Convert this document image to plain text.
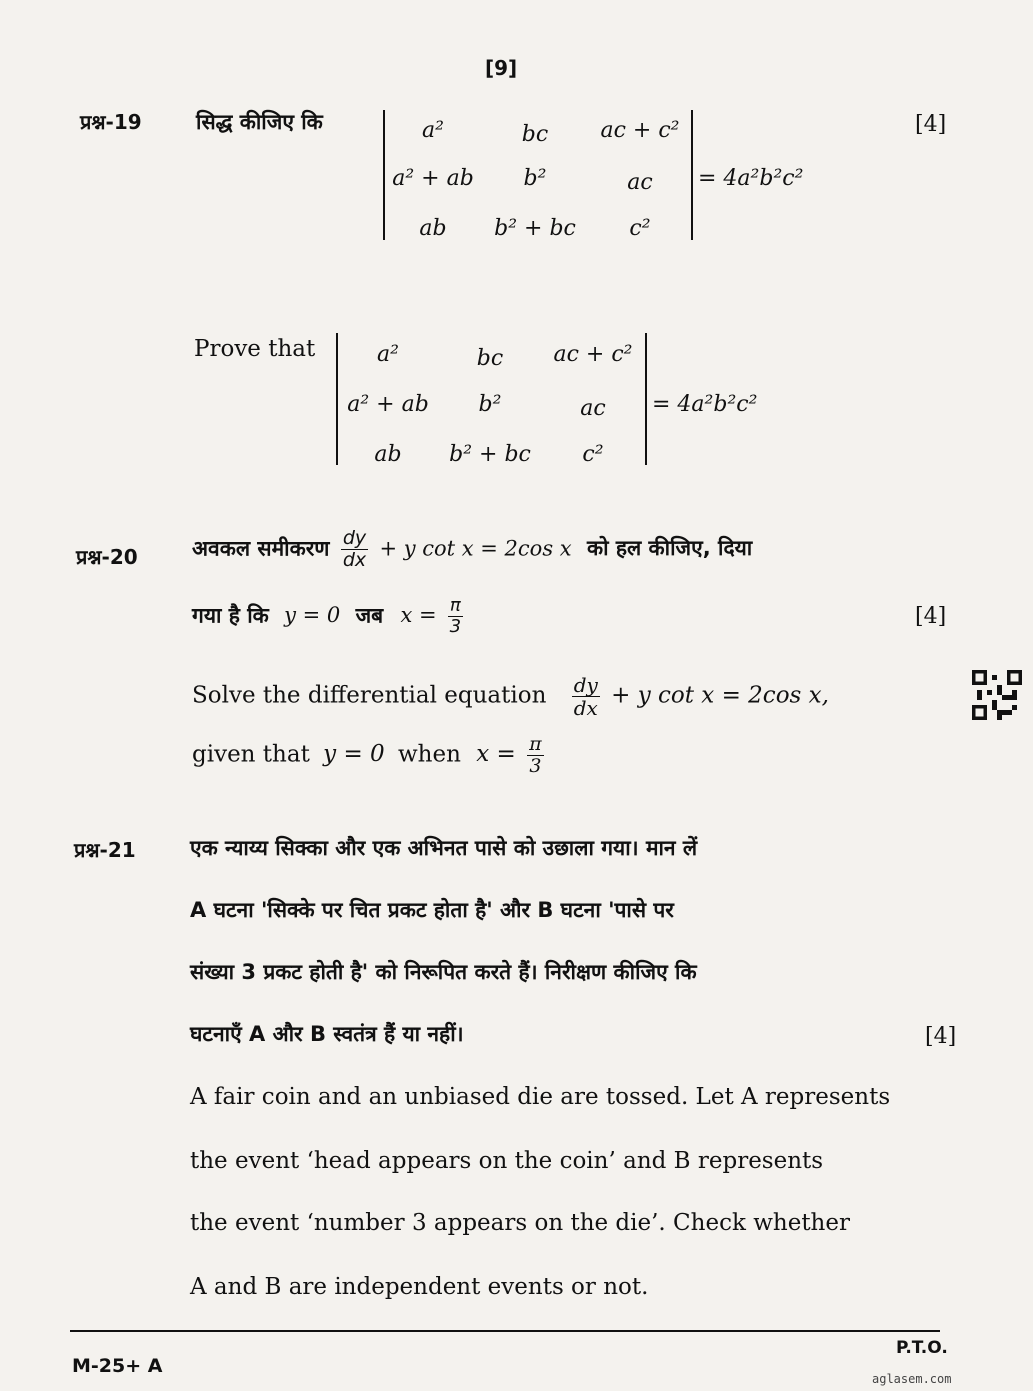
[9]
प्रश्न-19	सिद्ध कीजिए कि	[4]
a²	bc	ac + c²
a² + ab	b²	ac
ab	b² + bc	c²
= 4a²b²c²
Prove that	a²	bc	ac + c²
a² + ab	b²	ac
ab	b² + bc	c²
= 4a²b²c²
प्रश्न-20	अवकल समीकरण $\frac{dy}{dx} + y$ cot x = 2cos x को हल कीजिए, दिया
गया है कि y = 0 जब $x = \frac{\pi}{3}$	[4]
Solve the differential equation $\frac{dy}{dx} + y$ cot x = 2cos x,
given that y = 0 when $x = \frac{\pi}{3}$
प्रश्न-21	एक न्याय्य सिक्का और एक अभिनत पासे को उछाला गया। मान लें
A घटना 'सिक्के पर चित प्रकट होता है' और B घटना 'पासे पर
संख्या 3 प्रकट होती है' को निरूपित करते हैं। निरीक्षण कीजिए कि
घटनाएँ A और B स्वतंत्र हैं या नहीं।	[4]
A fair coin and an unbiased die are tossed. Let A represents
the event ‘head appears on the coin’ and B represents
the event ‘number 3 appears on the die’. Check whether
A and B are independent events or not.
P.T.O.
M-25+ A
aglasem.com
